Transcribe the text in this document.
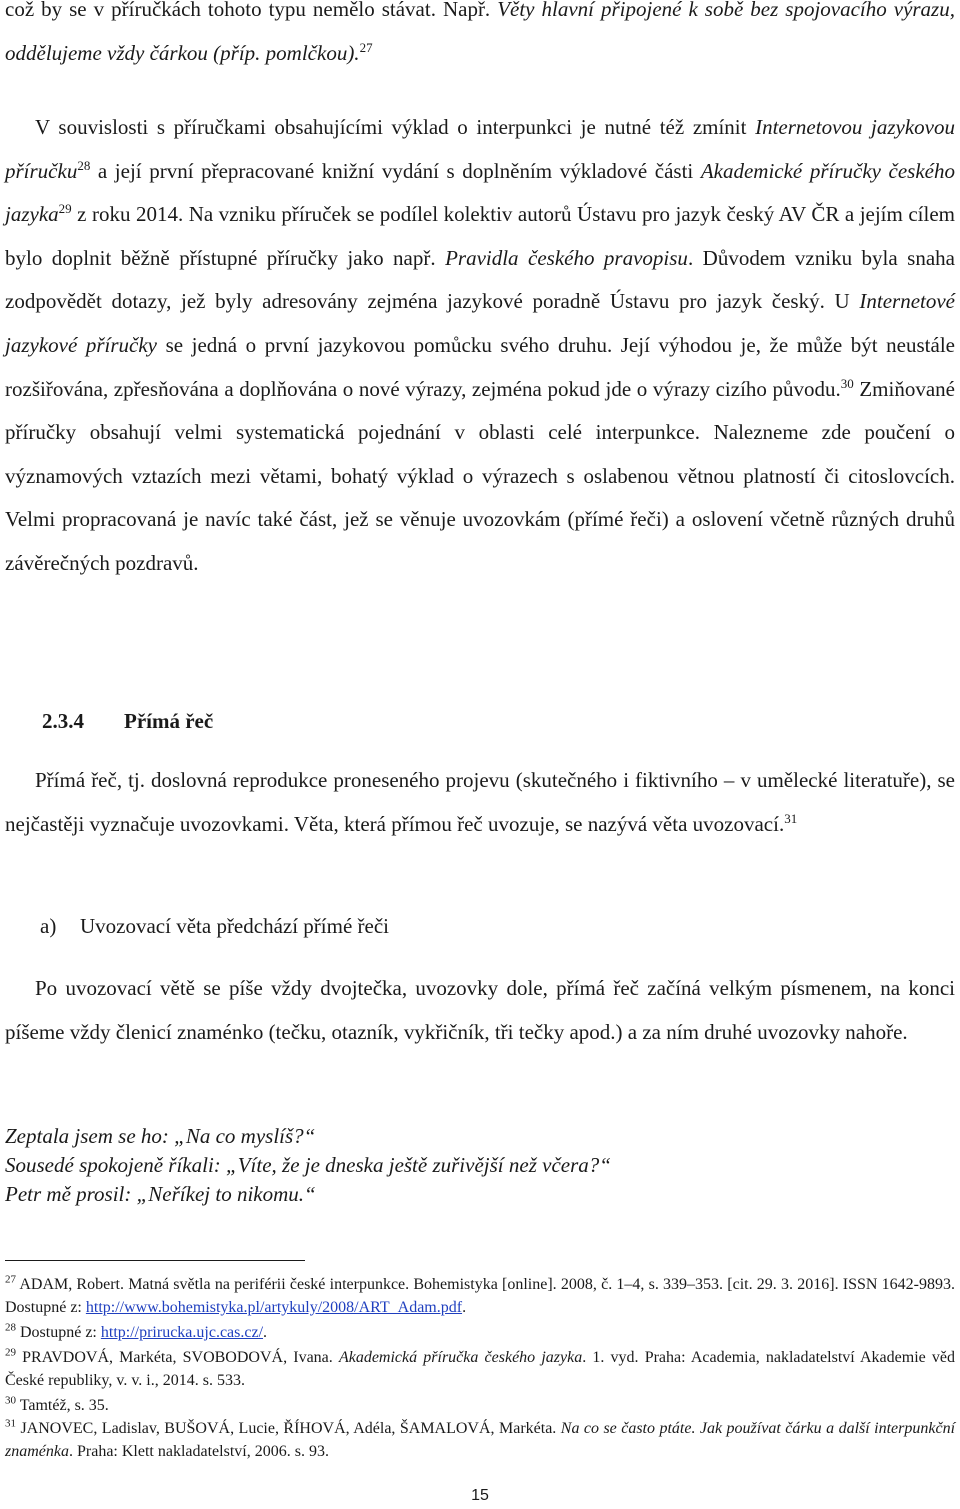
což by se v příručkách tohoto typu nemělo stávat. Např. Věty hlavní připojené k sobě bez spojovacího výrazu, oddělujeme vždy čárkou (příp. pomlčkou).$^{27}$

V souvislosti s příručkami obsahujícími výklad o interpunkci je nutné též zmínit Internetovou jazykovou příručku$^{28}$ a její první přepracované knižní vydání s doplněním výkladové části Akademické příručky českého jazyka$^{29}$ z roku 2014. Na vzniku příruček se podílel kolektiv autorů Ústavu pro jazyk český AV ČR a jejím cílem bylo doplnit běžně přístupné příručky jako např. Pravidla českého pravopisu. Důvodem vzniku byla snaha zodpovědět dotazy, jež byly adresovány zejména jazykové poradně Ústavu pro jazyk český. U Internetové jazykové příručky se jedná o první jazykovou pomůcku svého druhu. Její výhodou je, že může být neustále rozšiřována, zpřesňována a doplňována o nové výrazy, zejména pokud jde o výrazy cizího původu.$^{30}$ Zmiňované příručky obsahují velmi systematická pojednání v oblasti celé interpunkce. Nalezneme zde poučení o významových vztazích mezi větami, bohatý výklad o výrazech s oslabenou větnou platností či citoslovcích. Velmi propracovaná je navíc také část, jež se věnuje uvozovkám (přímé řeči) a oslovení včetně různých druhů závěrečných pozdravů.

2.3.4 Přímá řeč

Přímá řeč, tj. doslovná reprodukce proneseného projevu (skutečného i fiktivního – v umělecké literatuře), se nejčastěji vyznačuje uvozovkami. Věta, která přímou řeč uvozuje, se nazývá věta uvozovací.$^{31}$

a) Uvozovací věta předchází přímé řeči

Po uvozovací větě se píše vždy dvojtečka, uvozovky dole, přímá řeč začíná velkým písmenem, na konci píšeme vždy členicí znaménko (tečku, otazník, vykřičník, tři tečky apod.) a za ním druhé uvozovky nahoře.

Zeptala jsem se ho: „Na co myslíš?“

Sousedé spokojeně říkali: „Víte, že je dneska ještě zuřivější než včera?“

Petr mě prosil: „Neříkej to nikomu.“

$^{27}$ ADAM, Robert. Matná světla na periférii české interpunkce. Bohemistyka [online]. 2008, č. 1–4, s. 339–353. [cit. 29. 3. 2016]. ISSN 1642-9893. Dostupné z: http://www.bohemistyka.pl/artykuly/2008/ART_Adam.pdf.

$^{28}$ Dostupné z: http://prirucka.ujc.cas.cz/.

$^{29}$ PRAVDOVÁ, Markéta, SVOBODOVÁ, Ivana. Akademická příručka českého jazyka. 1. vyd. Praha: Academia, nakladatelství Akademie věd České republiky, v. v. i., 2014. s. 533.

$^{30}$ Tamtéž, s. 35.

$^{31}$ JANOVEC, Ladislav, BUŠOVÁ, Lucie, ŘÍHOVÁ, Adéla, ŠAMALOVÁ, Markéta. Na co se často ptáte. Jak používat čárku a další interpunkční znaménka. Praha: Klett nakladatelství, 2006. s. 93.

15
